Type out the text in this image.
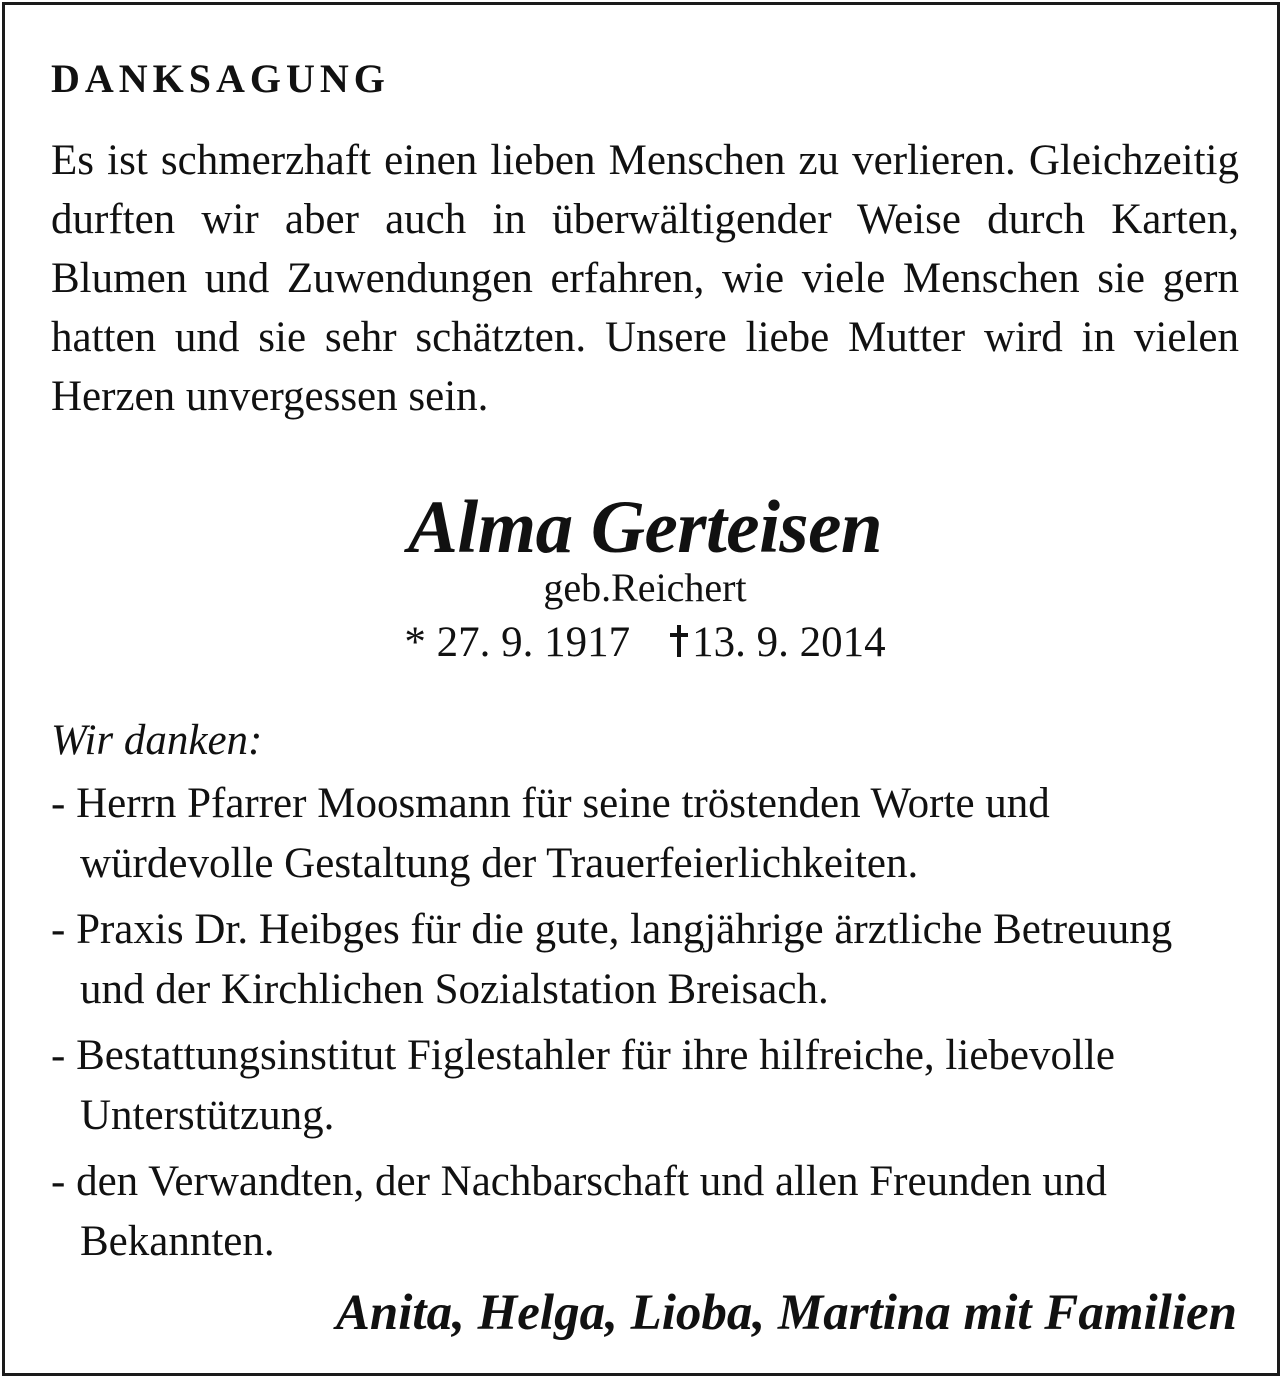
DANKSAGUNG

Es ist schmerzhaft einen lieben Menschen zu verlieren. Gleichzeitig durften wir aber auch in überwältigender Weise durch Karten, Blumen und Zuwendungen erfahren, wie viele Menschen sie gern hatten und sie sehr schätzten. Unsere liebe Mutter wird in vielen Herzen unvergessen sein.

Alma Gerteisen
geb.Reichert
* 27. 9. 1917 13. 9. 2014
Wir danken:
- Herrn Pfarrer Moosmann für seine tröstenden Worte und würdevolle Gestaltung der Trauerfeierlichkeiten.
- Praxis Dr. Heibges für die gute, langjährige ärztliche Betreuung und der Kirchlichen Sozialstation Breisach.
- Bestattungsinstitut Figlestahler für ihre hilfreiche, liebevolle Unterstützung.
- den Verwandten, der Nachbarschaft und allen Freunden und Bekannten.
Anita, Helga, Lioba, Martina mit Familien
